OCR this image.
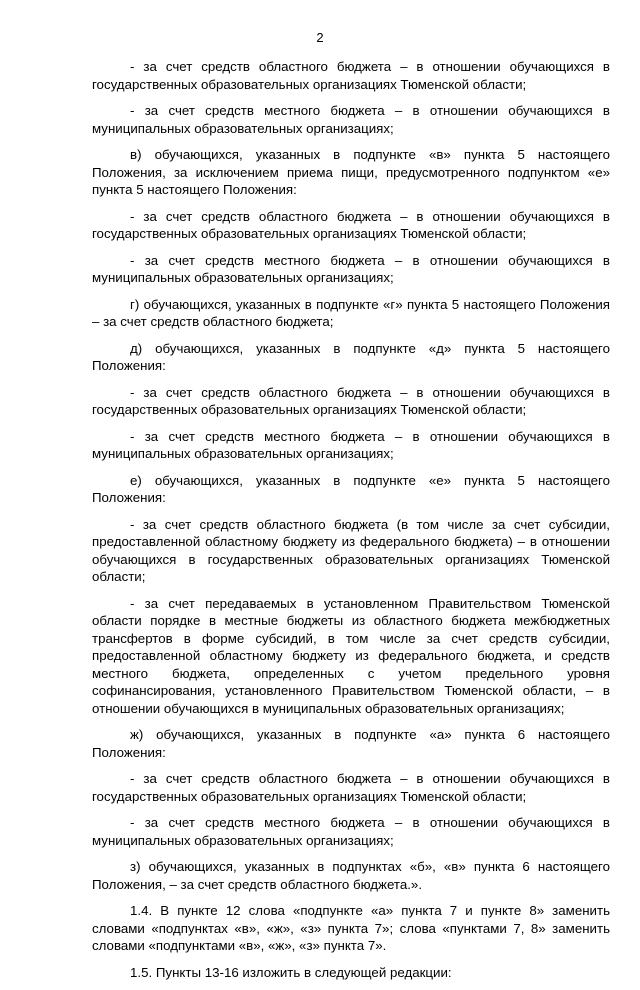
2

- за счет средств областного бюджета – в отношении обучающихся в государственных образовательных организациях Тюменской области;

- за счет средств местного бюджета – в отношении обучающихся в муниципальных образовательных организациях;

в) обучающихся, указанных в подпункте «в» пункта 5 настоящего Положения, за исключением приема пищи, предусмотренного подпунктом «е» пункта 5 настоящего Положения:

- за счет средств областного бюджета – в отношении обучающихся в государственных образовательных организациях Тюменской области;

- за счет средств местного бюджета – в отношении обучающихся в муниципальных образовательных организациях;

г) обучающихся, указанных в подпункте «г» пункта 5 настоящего Положения – за счет средств областного бюджета;

д) обучающихся, указанных в подпункте «д» пункта 5 настоящего Положения:

- за счет средств областного бюджета – в отношении обучающихся в государственных образовательных организациях Тюменской области;

- за счет средств местного бюджета – в отношении обучающихся в муниципальных образовательных организациях;

е) обучающихся, указанных в подпункте «е» пункта 5 настоящего Положения:

- за счет средств областного бюджета (в том числе за счет субсидии, предоставленной областному бюджету из федерального бюджета) – в отношении обучающихся в государственных образовательных организациях Тюменской области;

- за счет передаваемых в установленном Правительством Тюменской области порядке в местные бюджеты из областного бюджета межбюджетных трансфертов в форме субсидий, в том числе за счет средств субсидии, предоставленной областному бюджету из федерального бюджета, и средств местного бюджета, определенных с учетом предельного уровня софинансирования, установленного Правительством Тюменской области, – в отношении обучающихся в муниципальных образовательных организациях;

ж) обучающихся, указанных в подпункте «а» пункта 6 настоящего Положения:

- за счет средств областного бюджета – в отношении обучающихся в государственных образовательных организациях Тюменской области;

- за счет средств местного бюджета – в отношении обучающихся в муниципальных образовательных организациях;

з) обучающихся, указанных в подпунктах «б», «в» пункта 6 настоящего Положения, – за счет средств областного бюджета.».

1.4. В пункте 12 слова «подпункте «а» пункта 7 и пункте 8» заменить словами «подпунктах «в», «ж», «з» пункта 7»; слова «пунктами 7, 8» заменить словами «подпунктами «в», «ж», «з» пункта 7».

1.5. Пункты 13-16 изложить в следующей редакции:
